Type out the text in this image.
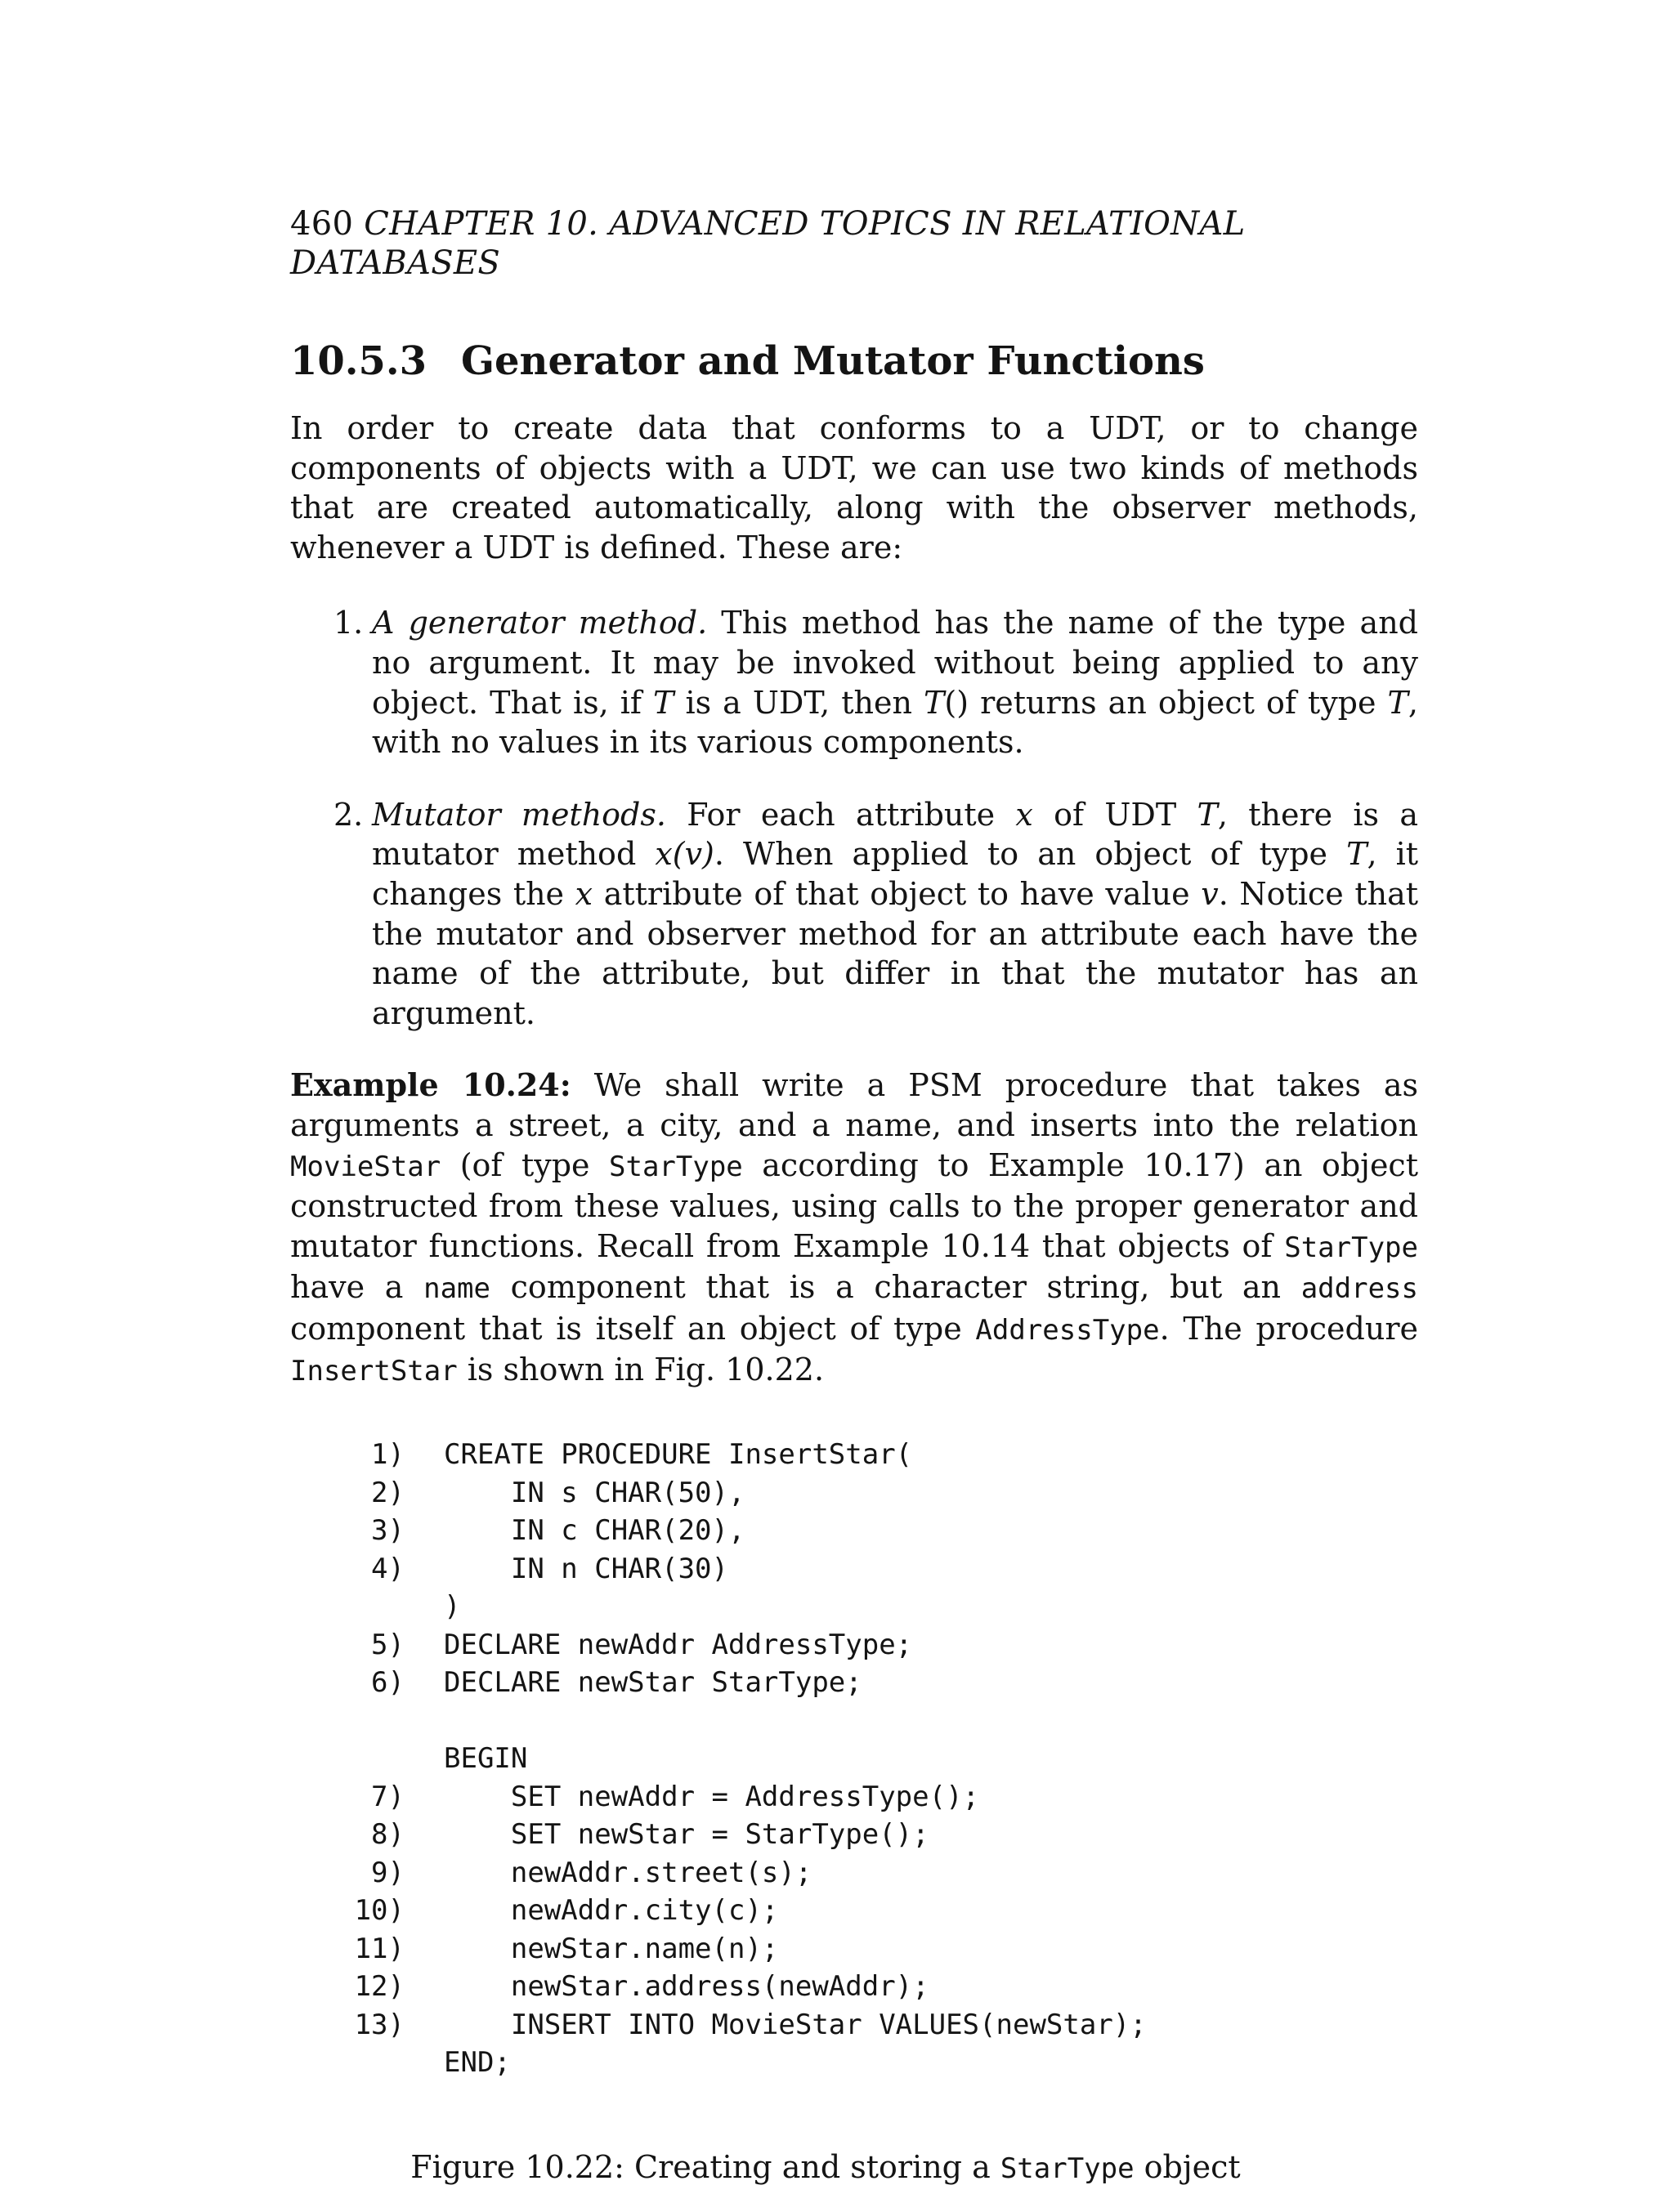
460 CHAPTER 10. ADVANCED TOPICS IN RELATIONAL DATABASES
10.5.3 Generator and Mutator Functions

In order to create data that conforms to a UDT, or to change components of objects with a UDT, we can use two kinds of methods that are created automatically, along with the observer methods, whenever a UDT is defined. These are:

1. A generator method. This method has the name of the type and no argument. It may be invoked without being applied to any object. That is, if T is a UDT, then T() returns an object of type T, with no values in its various components.
2. Mutator methods. For each attribute x of UDT T, there is a mutator method x(v). When applied to an object of type T, it changes the x attribute of that object to have value v. Notice that the mutator and observer method for an attribute each have the name of the attribute, but differ in that the mutator has an argument.

Example 10.24: We shall write a PSM procedure that takes as arguments a street, a city, and a name, and inserts into the relation MovieStar (of type StarType according to Example 10.17) an object constructed from these values, using calls to the proper generator and mutator functions. Recall from Example 10.14 that objects of StarType have a name component that is a character string, but an address component that is itself an object of type AddressType. The procedure InsertStar is shown in Fig. 10.22.

1) CREATE PROCEDURE InsertStar(
2) IN s CHAR(50),
3) IN c CHAR(20),
4) IN n CHAR(30)
)
5) DECLARE newAddr AddressType;
6) DECLARE newStar StarType;
BEGIN
7) SET newAddr = AddressType();
8) SET newStar = StarType();
9) newAddr.street(s);
10) newAddr.city(c);
11) newStar.name(n);
12) newStar.address(newAddr);
13) INSERT INTO MovieStar VALUES(newStar);
END;
Figure 10.22: Creating and storing a StarType object
